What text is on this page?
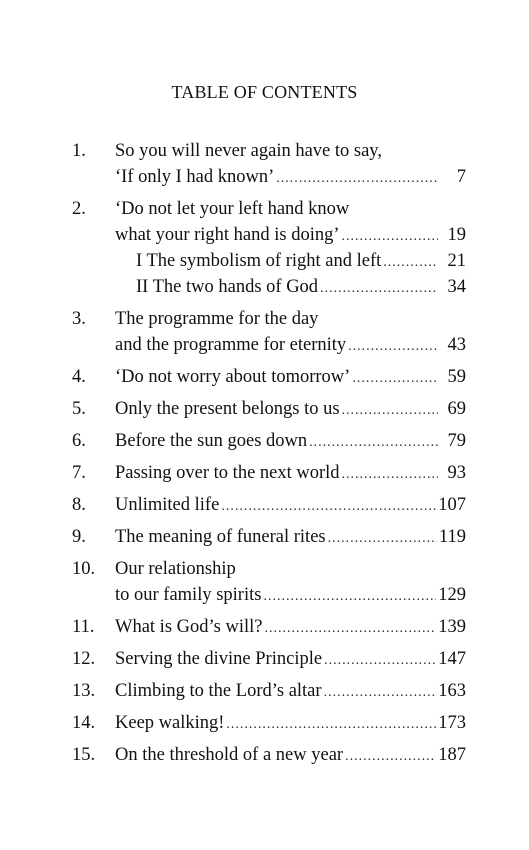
TABLE OF CONTENTS
1.	So you will never again have to say,
‘If only I had known’ .....	7
2.	‘Do not let your left hand know
what your right hand is doing’ .....	19
I The symbolism of right and left .....	21
II The two hands of God .....	34
3.	The programme for the day
and the programme for eternity .....	43
4.	‘Do not worry about tomorrow’ .....	59
5.	Only the present belongs to us .....	69
6.	Before the sun goes down .....	79
7.	Passing over to the next world .....	93
8.	Unlimited life .....	107
9.	The meaning of funeral rites .....	119
10.	Our relationship
to our family spirits .....	129
11.	What is God’s will? .....	139
12.	Serving the divine Principle .....	147
13.	Climbing to the Lord’s altar .....	163
14.	Keep walking! .....	173
15.	On the threshold of a new year .....	187
